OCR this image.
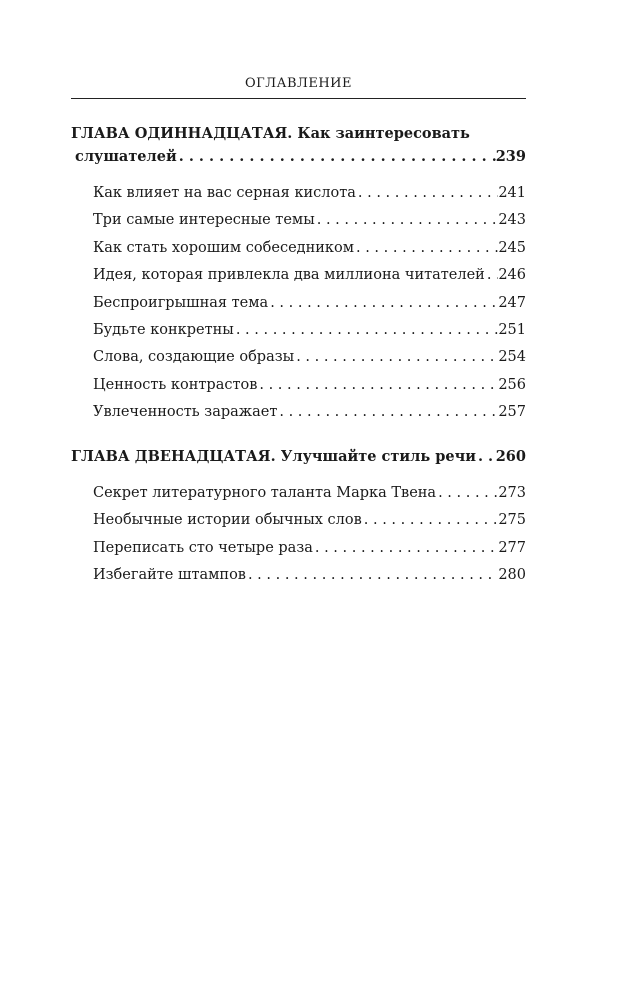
ОГЛАВЛЕНИЕ
ГЛАВА ОДИННАДЦАТАЯ. Как заинтересовать
слушателей . . .	239
Как влияет на вас серная кислота . . .	241
Три самые интересные темы . . .	243
Как стать хорошим собеседником . . .	245
Идея, которая привлекла два миллиона читателей . . . 246
Беспроигрышная тема . . .	247
Будьте конкретны . . .	251
Слова, создающие образы . . .	254
Ценность контрастов . . .	256
Увлеченность заражает . . .	257
ГЛАВА ДВЕНАДЦАТАЯ. Улучшайте стиль речи . . . 260
Секрет литературного таланта Марка Твена . . .	273
Необычные истории обычных слов . . .	275
Переписать сто четыре раза . . .	277
Избегайте штампов . . .	280
